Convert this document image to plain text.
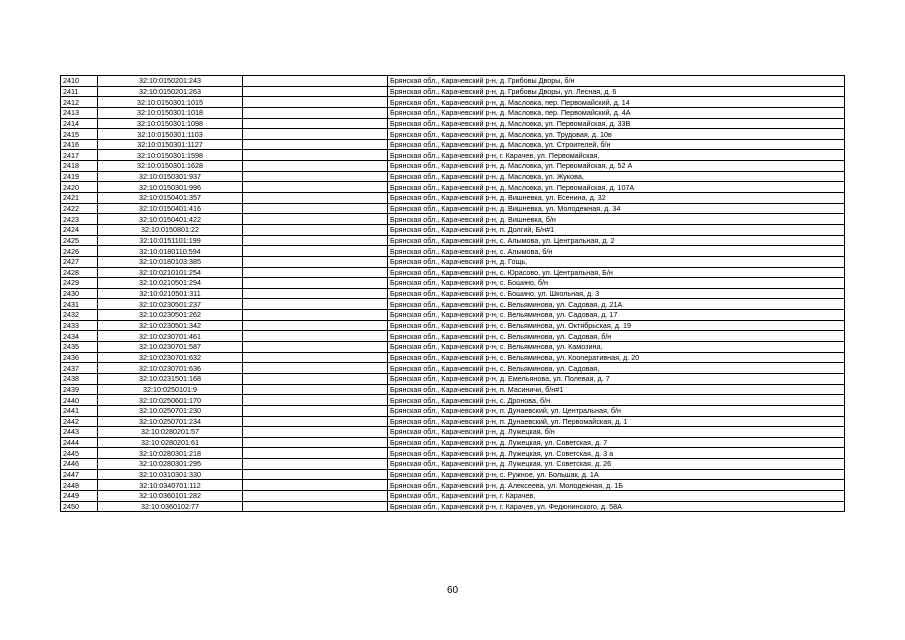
2410	32:10:0150201:243		Брянская обл., Карачевский р-н, д. Грибовы Дворы, б/н
2411	32:10:0150201:263		Брянская обл., Карачевский р-н, д. Грибовы Дворы, ул. Лесная, д. 6
2412	32:10:0150301:1015		Брянская обл., Карачевский р-н, д. Масловка, пер. Первомайский, д. 14
2413	32:10:0150301:1018		Брянская обл., Карачевский р-н, д. Масловка, пер. Первомайский, д. 4А
2414	32:10:0150301:1098		Брянская обл., Карачевский р-н, д. Масловка, ул. Первомайская, д. 33В
2415	32:10:0150301:1103		Брянская обл., Карачевский р-н, д. Масловка, ул. Трудовая, д. 10в
2416	32:10:0150301:1127		Брянская обл., Карачевский р-н, д. Масловка, ул. Строителей, б/н
2417	32:10:0150301:1598		Брянская обл., Карачевский р-н, г. Карачев, ул. Первомайская,
2418	32:10:0150301:1628		Брянская обл., Карачевский р-н, д. Масловка, ул. Первомайская, д. 52 А
2419	32:10:0150301:937		Брянская обл., Карачевский р-н, д. Масловка, ул. Жукова,
2420	32:10:0150301:996		Брянская обл., Карачевский р-н, д. Масловка, ул. Первомайская, д. 107А
2421	32:10:0150401:357		Брянская обл., Карачевский р-н, д. Вишневка, ул. Есенина, д. 32
2422	32:10:0150401:416		Брянская обл., Карачевский р-н, д. Вишневка, ул. Молодежная, д. 34
2423	32:10:0150401:422		Брянская обл., Карачевский р-н, д. Вишневка, б/н
2424	32:10:0150801:22		Брянская обл., Карачевский р-н, п. Долгий, Б/н#1
2425	32:10:0151101:199		Брянская обл., Карачевский р-н, с. Алымова, ул. Центральная, д. 2
2426	32:10:0180110:594		Брянская обл., Карачевский р-н, с. Алымова, б/н
2427	32:10:0180103:385		Брянская обл., Карачевский р-н, д. Гощь,
2428	32:10:0210101:254		Брянская обл., Карачевский р-н, с. Юрасово, ул. Центральная, Б/н
2429	32:10:0210501:294		Брянская обл., Карачевский р-н, с. Бошино, б/н
2430	32:10:0210501:311		Брянская обл., Карачевский р-н, с. Бошино, ул. Школьная, д. 3
2431	32:10:0230501:237		Брянская обл., Карачевский р-н, с. Вельяминова, ул. Садовая, д. 21А
2432	32:10:0230501:262		Брянская обл., Карачевский р-н, с. Вельяминова, ул. Садовая, д. 17
2433	32:10:0230501:342		Брянская обл., Карачевский р-н, с. Вельяминова, ул. Октябрьская, д. 19
2434	32:10:0230701:461		Брянская обл., Карачевский р-н, с. Вельяминова, ул. Садовая, б/н
2435	32:10:0230701:587		Брянская обл., Карачевский р-н, с. Вельяминова, ул. Камозина,
2436	32:10:0230701:632		Брянская обл., Карачевский р-н, с. Вельяминова, ул. Кооперативная, д. 20
2437	32:10:0230701:636		Брянская обл., Карачевский р-н, с. Вельяминова, ул. Садовая,
2438	32:10:0231501:168		Брянская обл., Карачевский р-н, д. Емельянова, ул. Полевая, д. 7
2439	32:10:0250101:9		Брянская обл., Карачевский р-н, п. Масиничи, б/н#1
2440	32:10:0250601:170		Брянская обл., Карачевский р-н, с. Дронова, б/н
2441	32:10:0250701:230		Брянская обл., Карачевский р-н, п. Дунаевский, ул. Центральная, б/н
2442	32:10:0250701:234		Брянская обл., Карачевский р-н, п. Дунаевский, ул. Первомайская, д. 1
2443	32:10:0280201:57		Брянская обл., Карачевский р-н, д. Лужецкая, б/н
2444	32:10:0280201:61		Брянская обл., Карачевский р-н, д. Лужецкая, ул. Советская, д. 7
2445	32:10:0280301:218		Брянская обл., Карачевский р-н, д. Лужецкая, ул. Советская, д. 3 а
2446	32:10:0280301:295		Брянская обл., Карачевский р-н, д. Лужецкая, ул. Советская, д. 26
2447	32:10:0310301:330		Брянская обл., Карачевский р-н, с. Ружное, ул. Большак, д. 1А
2448	32:10:0340701:112		Брянская обл., Карачевский р-н, д. Алексеева, ул. Молодежная, д. 1Б
2449	32:10:0360101:282		Брянская обл., Карачевский р-н, г. Карачев,
2450	32:10:0360102:77		Брянская обл., Карачевский р-н, г. Карачев, ул. Федюнинского, д. 58А
60
